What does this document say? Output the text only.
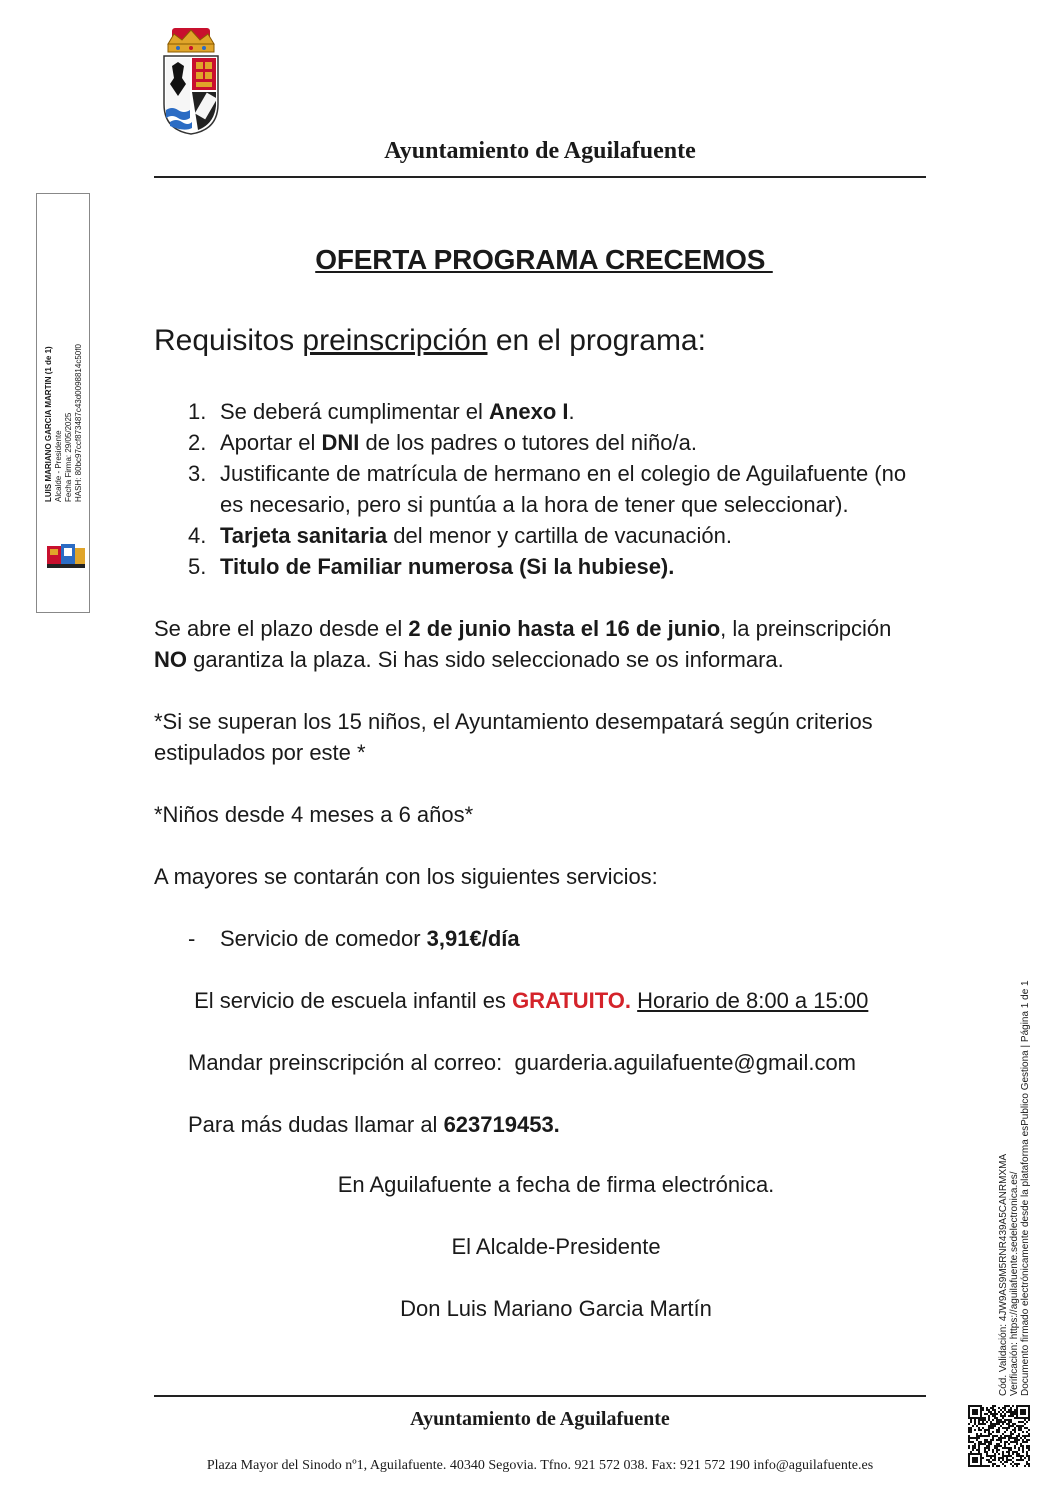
Ayuntamiento de Aguilafuente
LUIS MARIANO GARCIA MARTIN (1 de 1) Alcalde - Presidente Fecha Firma: 29/05/2025 HASH: 80bc97ccf873487c43d0098814c50f0
OFERTA PROGRAMA CRECEMOS
Requisitos preinscripción en el programa:
1. Se deberá cumplimentar el Anexo I.
2. Aportar el DNI de los padres o tutores del niño/a.
3. Justificante de matrícula de hermano en el colegio de Aguilafuente (no es necesario, pero si puntúa a la hora de tener que seleccionar).
4. Tarjeta sanitaria del menor y cartilla de vacunación.
5. Titulo de Familiar numerosa (Si la hubiese).
Se abre el plazo desde el 2 de junio hasta el 16 de junio, la preinscripción NO garantiza la plaza. Si has sido seleccionado se os informara.
*Si se superan los 15 niños, el Ayuntamiento desempatará según criterios estipulados por este *
*Niños desde 4 meses a 6 años*
A mayores se contarán con los siguientes servicios:
- Servicio de comedor 3,91€/día
El servicio de escuela infantil es GRATUITO. Horario de 8:00 a 15:00
Mandar preinscripción al correo:  guarderia.aguilafuente@gmail.com
Para más dudas llamar al 623719453.
En Aguilafuente a fecha de firma electrónica.
El Alcalde-Presidente
Don Luis Mariano Garcia Martín
Ayuntamiento de Aguilafuente
Plaza Mayor del Sinodo nº1, Aguilafuente. 40340 Segovia. Tfno. 921 572 038. Fax: 921 572 190 info@aguilafuente.es
Cód. Validación: 4JW9AS9M5RNR439A5CANRMXMA Verificación: https://aguilafuente.sedelectronica.es/ Documento firmado electrónicamente desde la plataforma esPublico Gestiona | Página 1 de 1
